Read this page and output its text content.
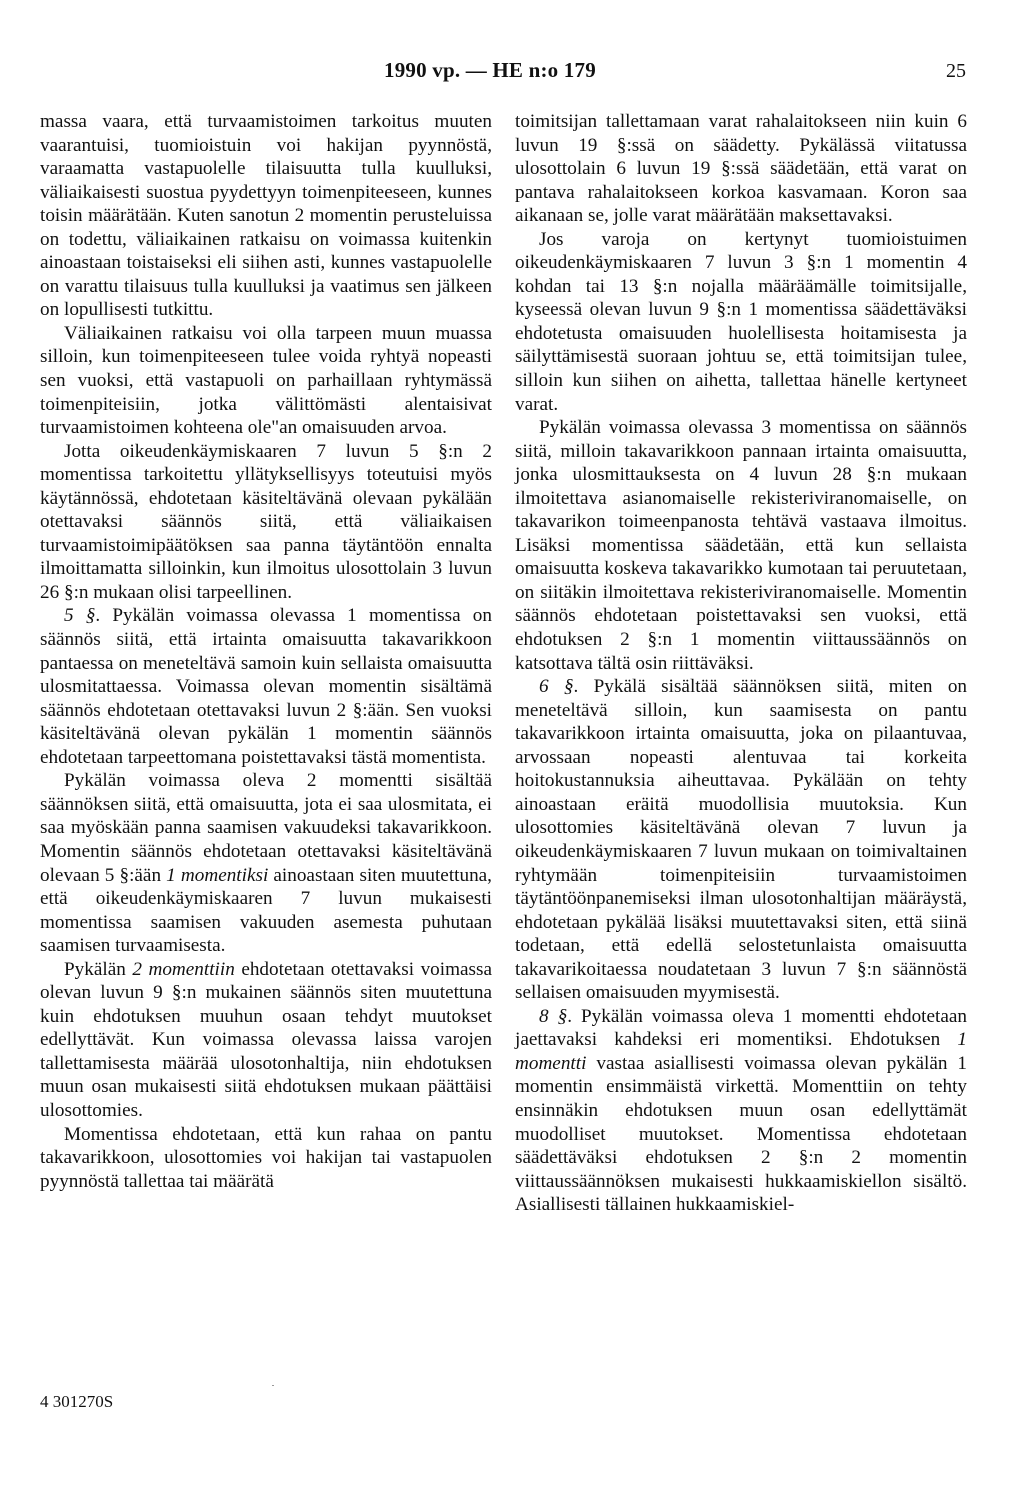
1990 vp. — HE n:o 179	25

massa vaara, että turvaamistoimen tarkoitus muuten vaarantuisi, tuomioistuin voi hakijan pyynnöstä, varaamatta vastapuolelle tilaisuutta tulla kuulluksi, väliaikaisesti suostua pyydettyyn toimenpiteeseen, kunnes toisin määrätään. Kuten sanotun 2 momentin perusteluissa on todettu, väliaikainen ratkaisu on voimassa kuitenkin ainoastaan toistaiseksi eli siihen asti, kunnes vastapuolelle on varattu tilaisuus tulla kuulluksi ja vaatimus sen jälkeen on lopullisesti tutkittu.

Väliaikainen ratkaisu voi olla tarpeen muun muassa silloin, kun toimenpiteeseen tulee voida ryhtyä nopeasti sen vuoksi, että vastapuoli on parhaillaan ryhtymässä toimenpiteisiin, jotka välittömästi alentaisivat turvaamistoimen kohteena ole"an omaisuuden arvoa.

Jotta oikeudenkäymiskaaren 7 luvun 5 §:n 2 momentissa tarkoitettu yllätyksellisyys toteutuisi myös käytännössä, ehdotetaan käsiteltävänä olevaan pykälään otettavaksi säännös siitä, että väliaikaisen turvaamistoimipäätöksen saa panna täytäntöön ennalta ilmoittamatta silloinkin, kun ilmoitus ulosottolain 3 luvun 26 §:n mukaan olisi tarpeellinen.

5 §. Pykälän voimassa olevassa 1 momentissa on säännös siitä, että irtainta omaisuutta takavarikkoon pantaessa on meneteltävä samoin kuin sellaista omaisuutta ulosmitattaessa. Voimassa olevan momentin sisältämä säännös ehdotetaan otettavaksi luvun 2 §:ään. Sen vuoksi käsiteltävänä olevan pykälän 1 momentin säännös ehdotetaan tarpeettomana poistettavaksi tästä momentista.

Pykälän voimassa oleva 2 momentti sisältää säännöksen siitä, että omaisuutta, jota ei saa ulosmitata, ei saa myöskään panna saamisen vakuudeksi takavarikkoon. Momentin säännös ehdotetaan otettavaksi käsiteltävänä olevaan 5 §:ään 1 momentiksi ainoastaan siten muutettuna, että oikeudenkäymiskaaren 7 luvun mukaisesti momentissa saamisen vakuuden asemesta puhutaan saamisen turvaamisesta.

Pykälän 2 momenttiin ehdotetaan otettavaksi voimassa olevan luvun 9 §:n mukainen säännös siten muutettuna kuin ehdotuksen muuhun osaan tehdyt muutokset edellyttävät. Kun voimassa olevassa laissa varojen tallettamisesta määrää ulosotonhaltija, niin ehdotuksen muun osan mukaisesti siitä ehdotuksen mukaan päättäisi ulosottomies.

Momentissa ehdotetaan, että kun rahaa on pantu takavarikkoon, ulosottomies voi hakijan tai vastapuolen pyynnöstä tallettaa tai määrätä

toimitsijan tallettamaan varat rahalaitokseen niin kuin 6 luvun 19 §:ssä on säädetty. Pykälässä viitatussa ulosottolain 6 luvun 19 §:ssä säädetään, että varat on pantava rahalaitokseen korkoa kasvamaan. Koron saa aikanaan se, jolle varat määrätään maksettavaksi.

Jos varoja on kertynyt tuomioistuimen oikeudenkäymiskaaren 7 luvun 3 §:n 1 momentin 4 kohdan tai 13 §:n nojalla määräämälle toimitsijalle, kyseessä olevan luvun 9 §:n 1 momentissa säädettäväksi ehdotetusta omaisuuden huolellisesta hoitamisesta ja säilyttämisestä suoraan johtuu se, että toimitsijan tulee, silloin kun siihen on aihetta, tallettaa hänelle kertyneet varat.

Pykälän voimassa olevassa 3 momentissa on säännös siitä, milloin takavarikkoon pannaan irtainta omaisuutta, jonka ulosmittauksesta on 4 luvun 28 §:n mukaan ilmoitettava asianomaiselle rekisteriviranomaiselle, on takavarikon toimeenpanosta tehtävä vastaava ilmoitus. Lisäksi momentissa säädetään, että kun sellaista omaisuutta koskeva takavarikko kumotaan tai peruutetaan, on siitäkin ilmoitettava rekisteriviranomaiselle. Momentin säännös ehdotetaan poistettavaksi sen vuoksi, että ehdotuksen 2 §:n 1 momentin viittaussäännös on katsottava tältä osin riittäväksi.

6 §. Pykälä sisältää säännöksen siitä, miten on meneteltävä silloin, kun saamisesta on pantu takavarikkoon irtainta omaisuutta, joka on pilaantuvaa, arvossaan nopeasti alentuvaa tai korkeita hoitokustannuksia aiheuttavaa. Pykälään on tehty ainoastaan eräitä muodollisia muutoksia. Kun ulosottomies käsiteltävänä olevan 7 luvun ja oikeudenkäymiskaaren 7 luvun mukaan on toimivaltainen ryhtymään toimenpiteisiin turvaamistoimen täytäntöönpanemiseksi ilman ulosotonhaltijan määräystä, ehdotetaan pykälää lisäksi muutettavaksi siten, että siinä todetaan, että edellä selostetunlaista omaisuutta takavarikoitaessa noudatetaan 3 luvun 7 §:n säännöstä sellaisen omaisuuden myymisestä.

8 §. Pykälän voimassa oleva 1 momentti ehdotetaan jaettavaksi kahdeksi eri momentiksi. Ehdotuksen 1 momentti vastaa asiallisesti voimassa olevan pykälän 1 momentin ensimmäistä virkettä. Momenttiin on tehty ensinnäkin ehdotuksen muun osan edellyttämät muodolliset muutokset. Momentissa ehdotetaan säädettäväksi ehdotuksen 2 §:n 2 momentin viittaussäännöksen mukaisesti hukkaamiskiellon sisältö. Asiallisesti tällainen hukkaamiskiel-

4 301270S
